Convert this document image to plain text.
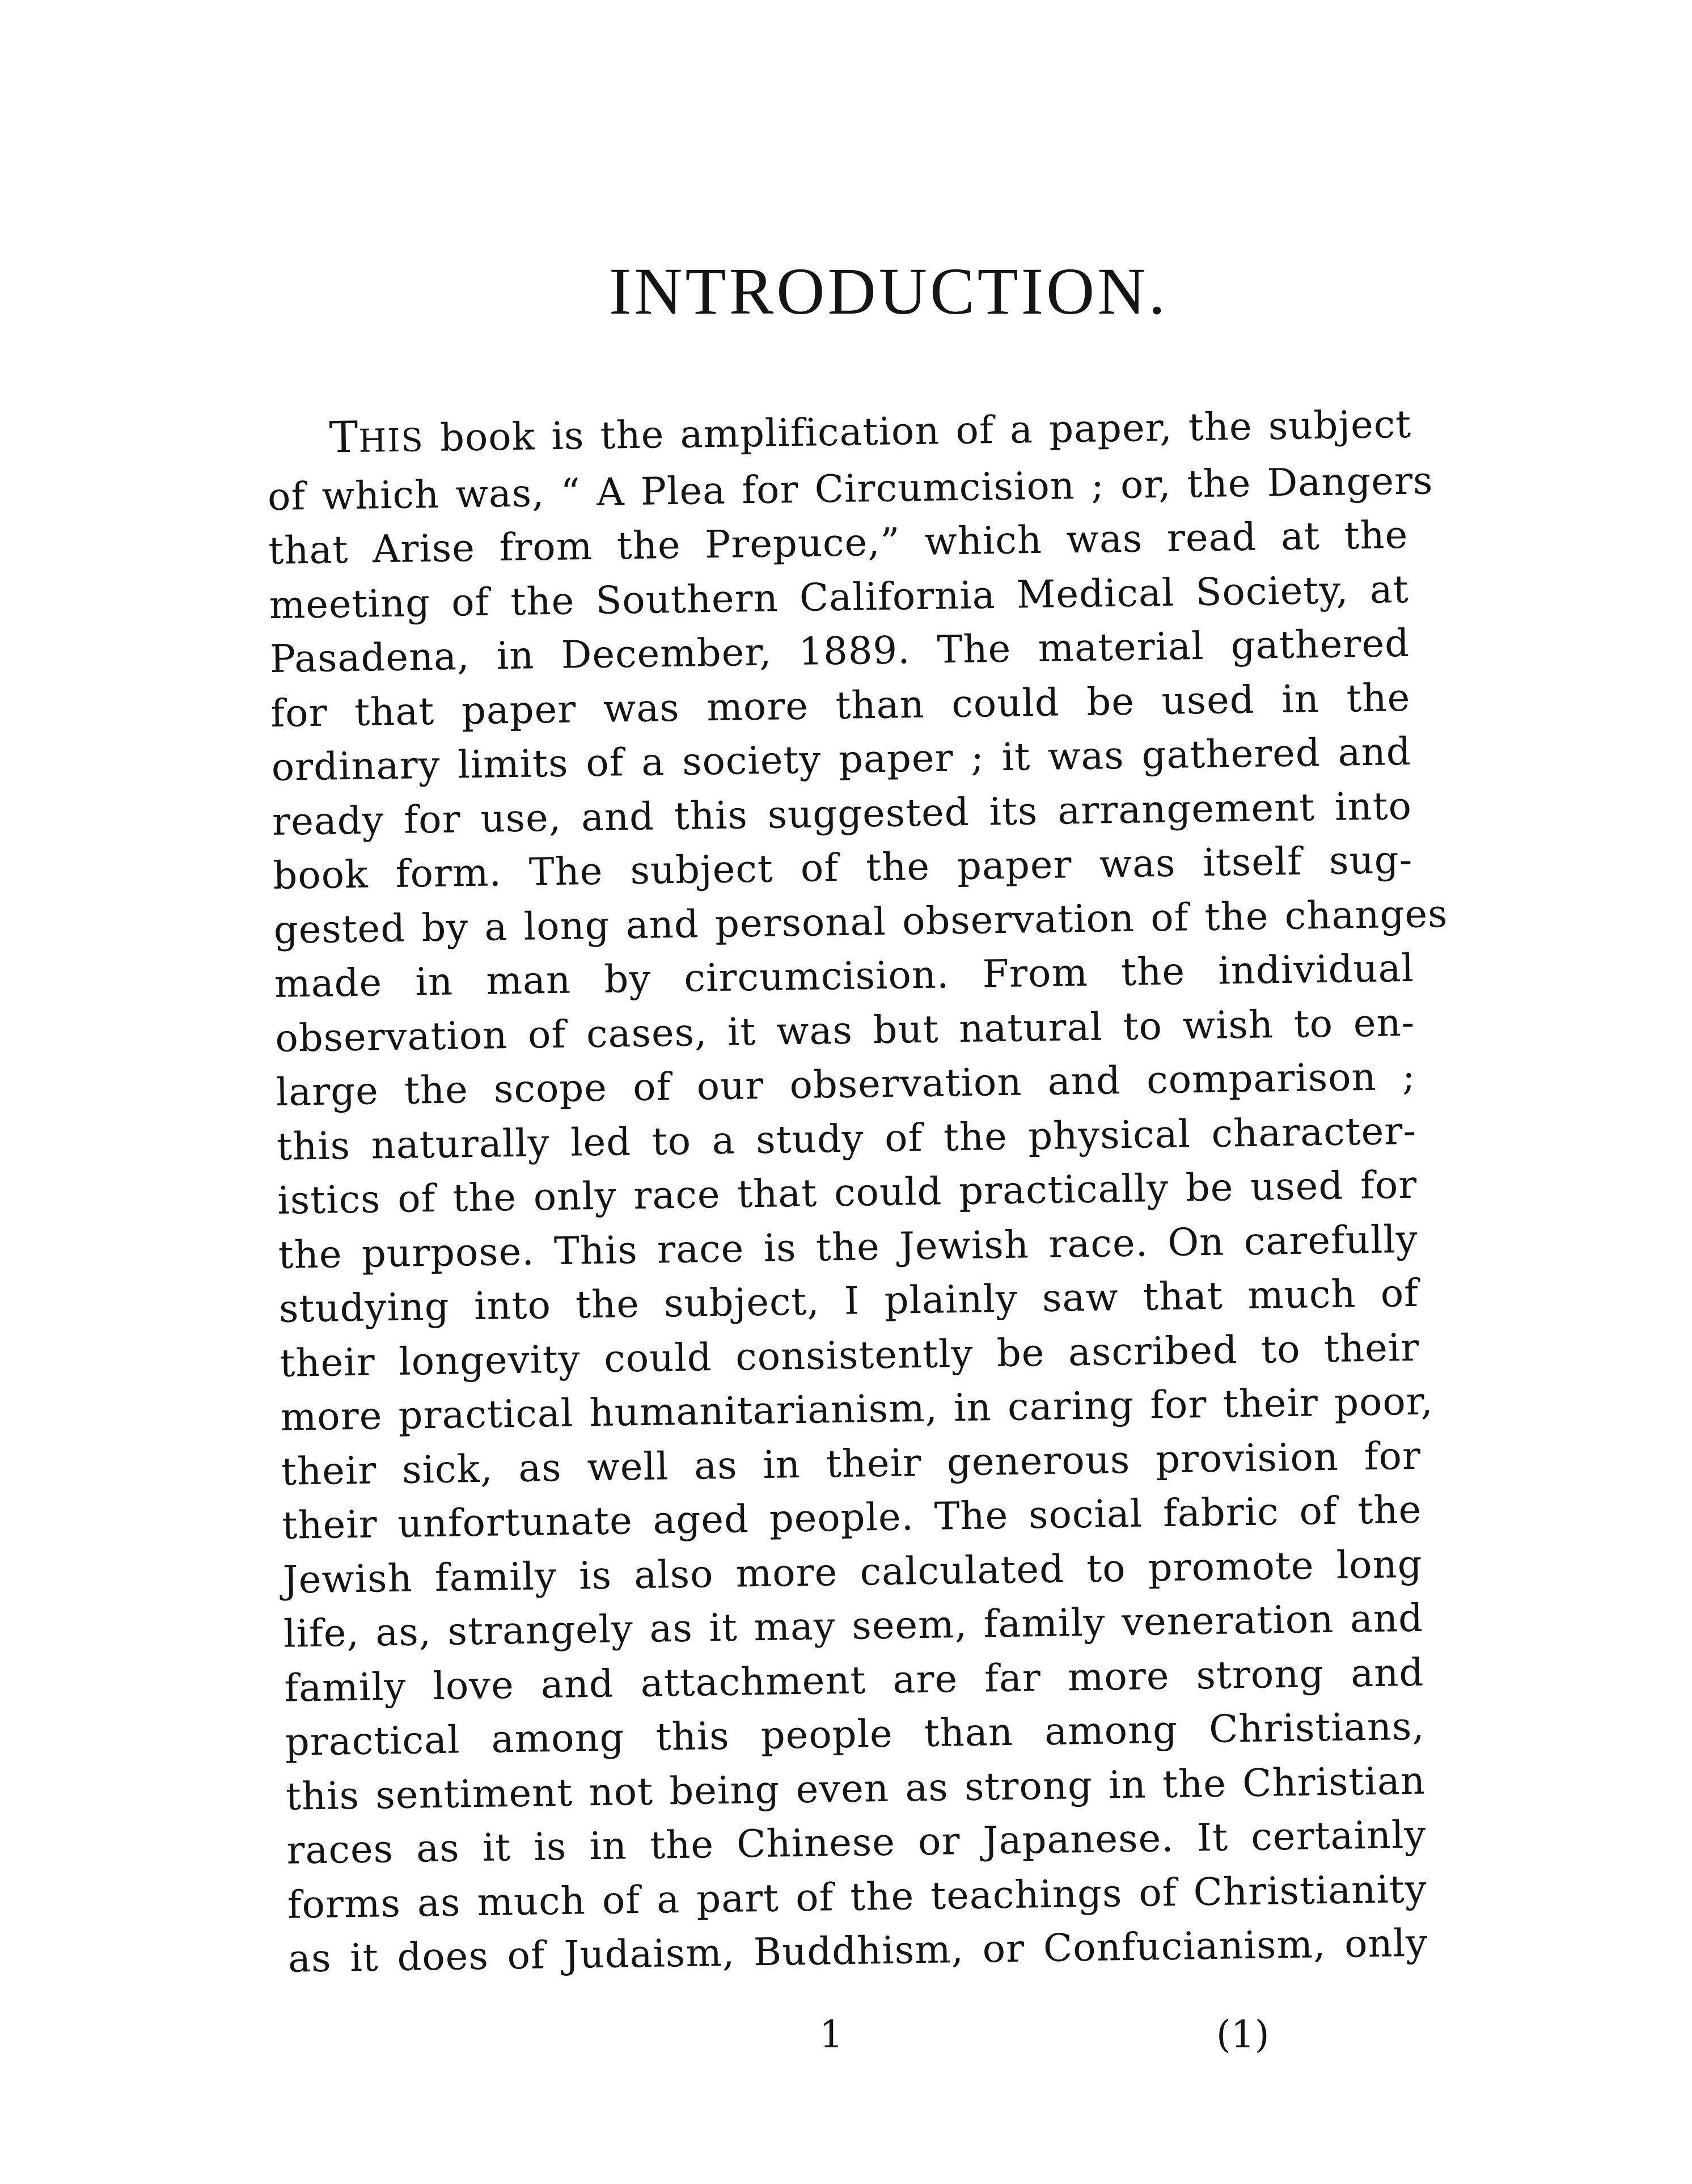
INTRODUCTION.
THIS book is the amplification of a paper, the subject
of which was, “ A Plea for Circumcision ; or, the Dangers
that Arise from the Prepuce,” which was read at the
meeting of the Southern California Medical Society, at
Pasadena, in December, 1889. The material gathered
for that paper was more than could be used in the
ordinary limits of a society paper ; it was gathered and
ready for use, and this suggested its arrangement into
book form. The subject of the paper was itself sug-
gested by a long and personal observation of the changes
made in man by circumcision. From the individual
observation of cases, it was but natural to wish to en-
large the scope of our observation and comparison ;
this naturally led to a study of the physical character-
istics of the only race that could practically be used for
the purpose. This race is the Jewish race. On carefully
studying into the subject, I plainly saw that much of
their longevity could consistently be ascribed to their
more practical humanitarianism, in caring for their poor,
their sick, as well as in their generous provision for
their unfortunate aged people. The social fabric of the
Jewish family is also more calculated to promote long
life, as, strangely as it may seem, family veneration and
family love and attachment are far more strong and
practical among this people than among Christians,
this sentiment not being even as strong in the Christian
races as it is in the Chinese or Japanese. It certainly
forms as much of a part of the teachings of Christianity
as it does of Judaism, Buddhism, or Confucianism, only
1	(1)
